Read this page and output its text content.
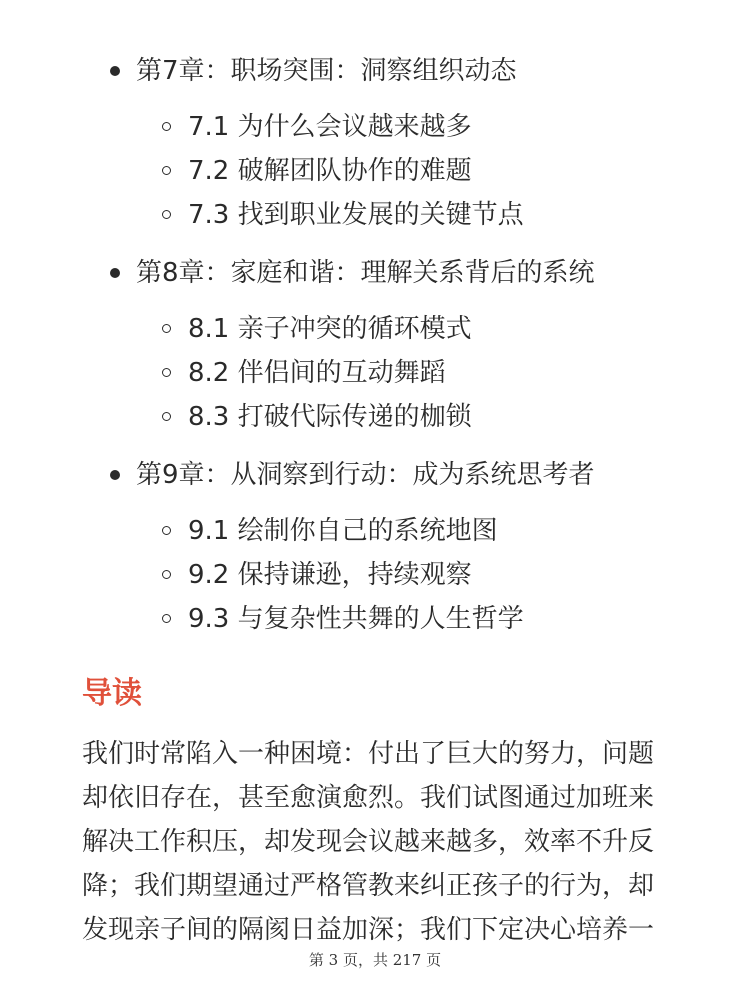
第7章：职场突围：洞察组织动态
7.1 为什么会议越来越多
7.2 破解团队协作的难题
7.3 找到职业发展的关键节点
第8章：家庭和谐：理解关系背后的系统
8.1 亲子冲突的循环模式
8.2 伴侣间的互动舞蹈
8.3 打破代际传递的枷锁
第9章：从洞察到行动：成为系统思考者
9.1 绘制你自己的系统地图
9.2 保持谦逊，持续观察
9.3 与复杂性共舞的人生哲学
导读
我们时常陷入一种困境：付出了巨大的努力，问题
却依旧存在，甚至愈演愈烈。我们试图通过加班来
解决工作积压，却发现会议越来越多，效率不升反
降；我们期望通过严格管教来纠正孩子的行为，却
发现亲子间的隔阂日益加深；我们下定决心培养一
第 3 页，共 217 页
